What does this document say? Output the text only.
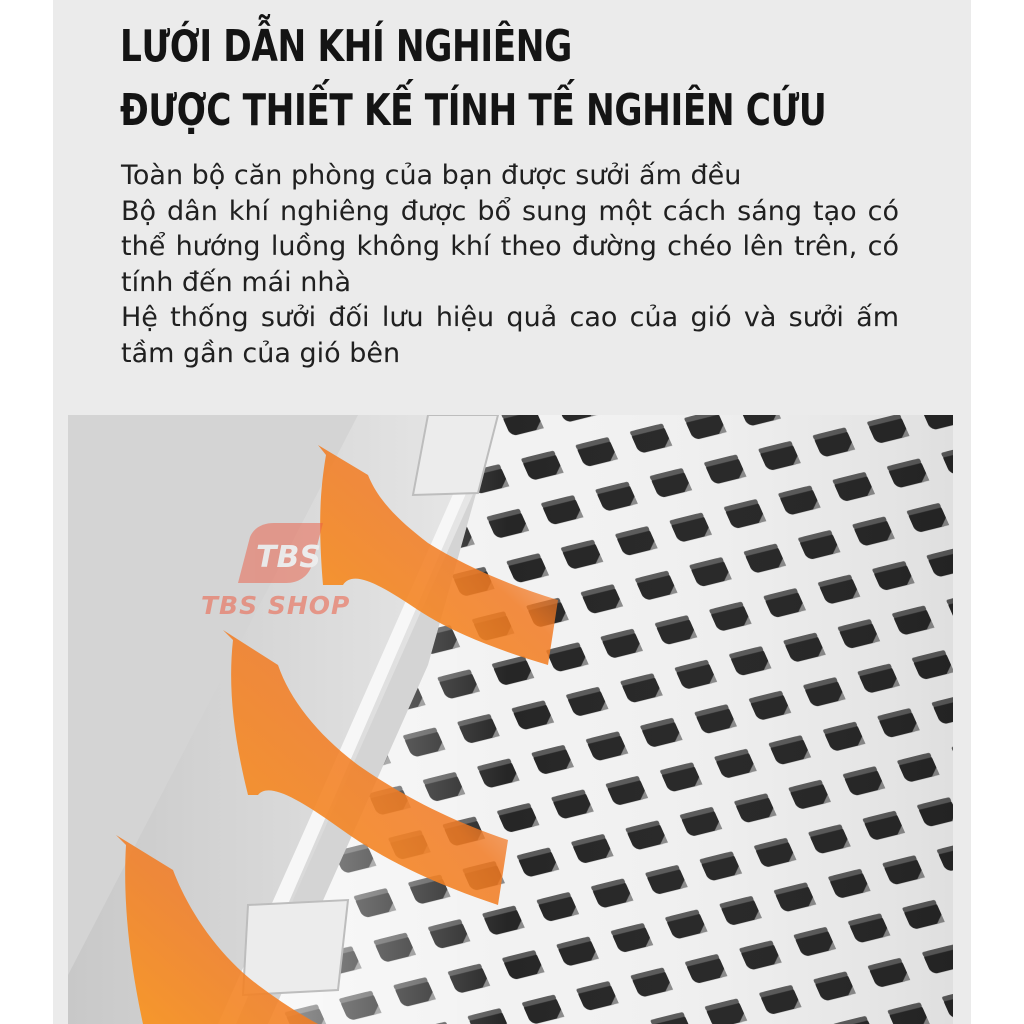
LƯỚI DẪN KHÍ NGHIÊNG
ĐƯỢC THIẾT KẾ TÍNH TẾ NGHIÊN CỨU

Toàn bộ căn phòng của bạn được sưởi ấm đều

Bộ dân khí nghiêng được bổ sung một cách sáng tạo có thể hướng luồng không khí theo đường chéo lên trên, có tính đến mái nhà

Hệ thống sưởi đối lưu hiệu quả cao của gió và sưởi ấm tầm gần của gió bên

TBS
TBS SHOP
